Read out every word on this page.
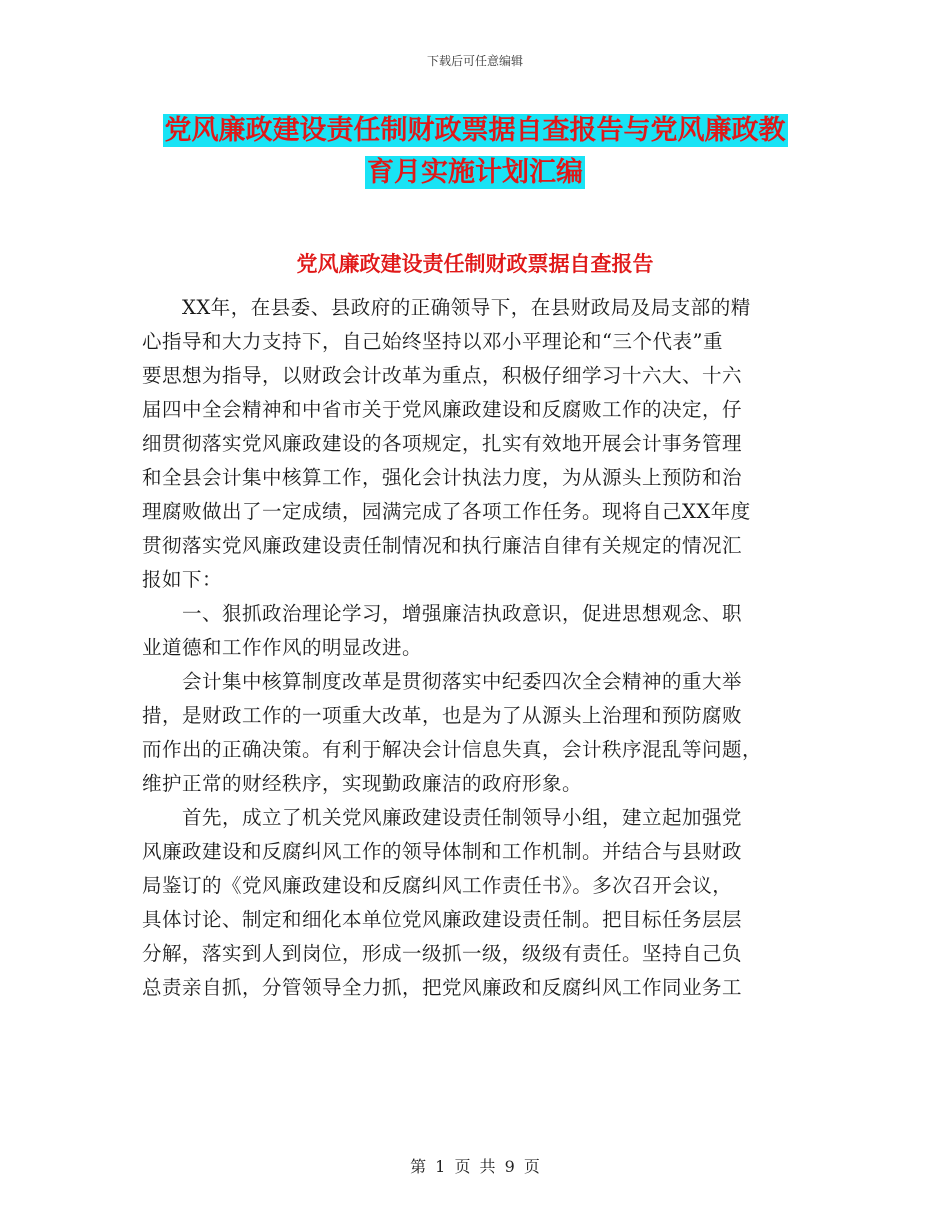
下载后可任意编辑
党风廉政建设责任制财政票据自查报告与党风廉政教
育月实施计划汇编
党风廉政建设责任制财政票据自查报告
XX年，在县委、县政府的正确领导下，在县财政局及局支部的精
心指导和大力支持下，自己始终坚持以邓小平理论和“三个代表”重
要思想为指导，以财政会计改革为重点，积极仔细学习十六大、十六
届四中全会精神和中省市关于党风廉政建设和反腐败工作的决定，仔
细贯彻落实党风廉政建设的各项规定，扎实有效地开展会计事务管理
和全县会计集中核算工作，强化会计执法力度，为从源头上预防和治
理腐败做出了一定成绩，园满完成了各项工作任务。现将自己XX年度
贯彻落实党风廉政建设责任制情况和执行廉洁自律有关规定的情况汇
报如下：
一、狠抓政治理论学习，增强廉洁执政意识，促进思想观念、职
业道德和工作作风的明显改进。
会计集中核算制度改革是贯彻落实中纪委四次全会精神的重大举
措，是财政工作的一项重大改革，也是为了从源头上治理和预防腐败
而作出的正确决策。有利于解决会计信息失真，会计秩序混乱等问题，
维护正常的财经秩序，实现勤政廉洁的政府形象。
首先，成立了机关党风廉政建设责任制领导小组，建立起加强党
风廉政建设和反腐纠风工作的领导体制和工作机制。并结合与县财政
局鉴订的《党风廉政建设和反腐纠风工作责任书》。多次召开会议，
具体讨论、制定和细化本单位党风廉政建设责任制。把目标任务层层
分解，落实到人到岗位，形成一级抓一级，级级有责任。坚持自己负
总责亲自抓，分管领导全力抓，把党风廉政和反腐纠风工作同业务工
第 1 页 共 9 页
